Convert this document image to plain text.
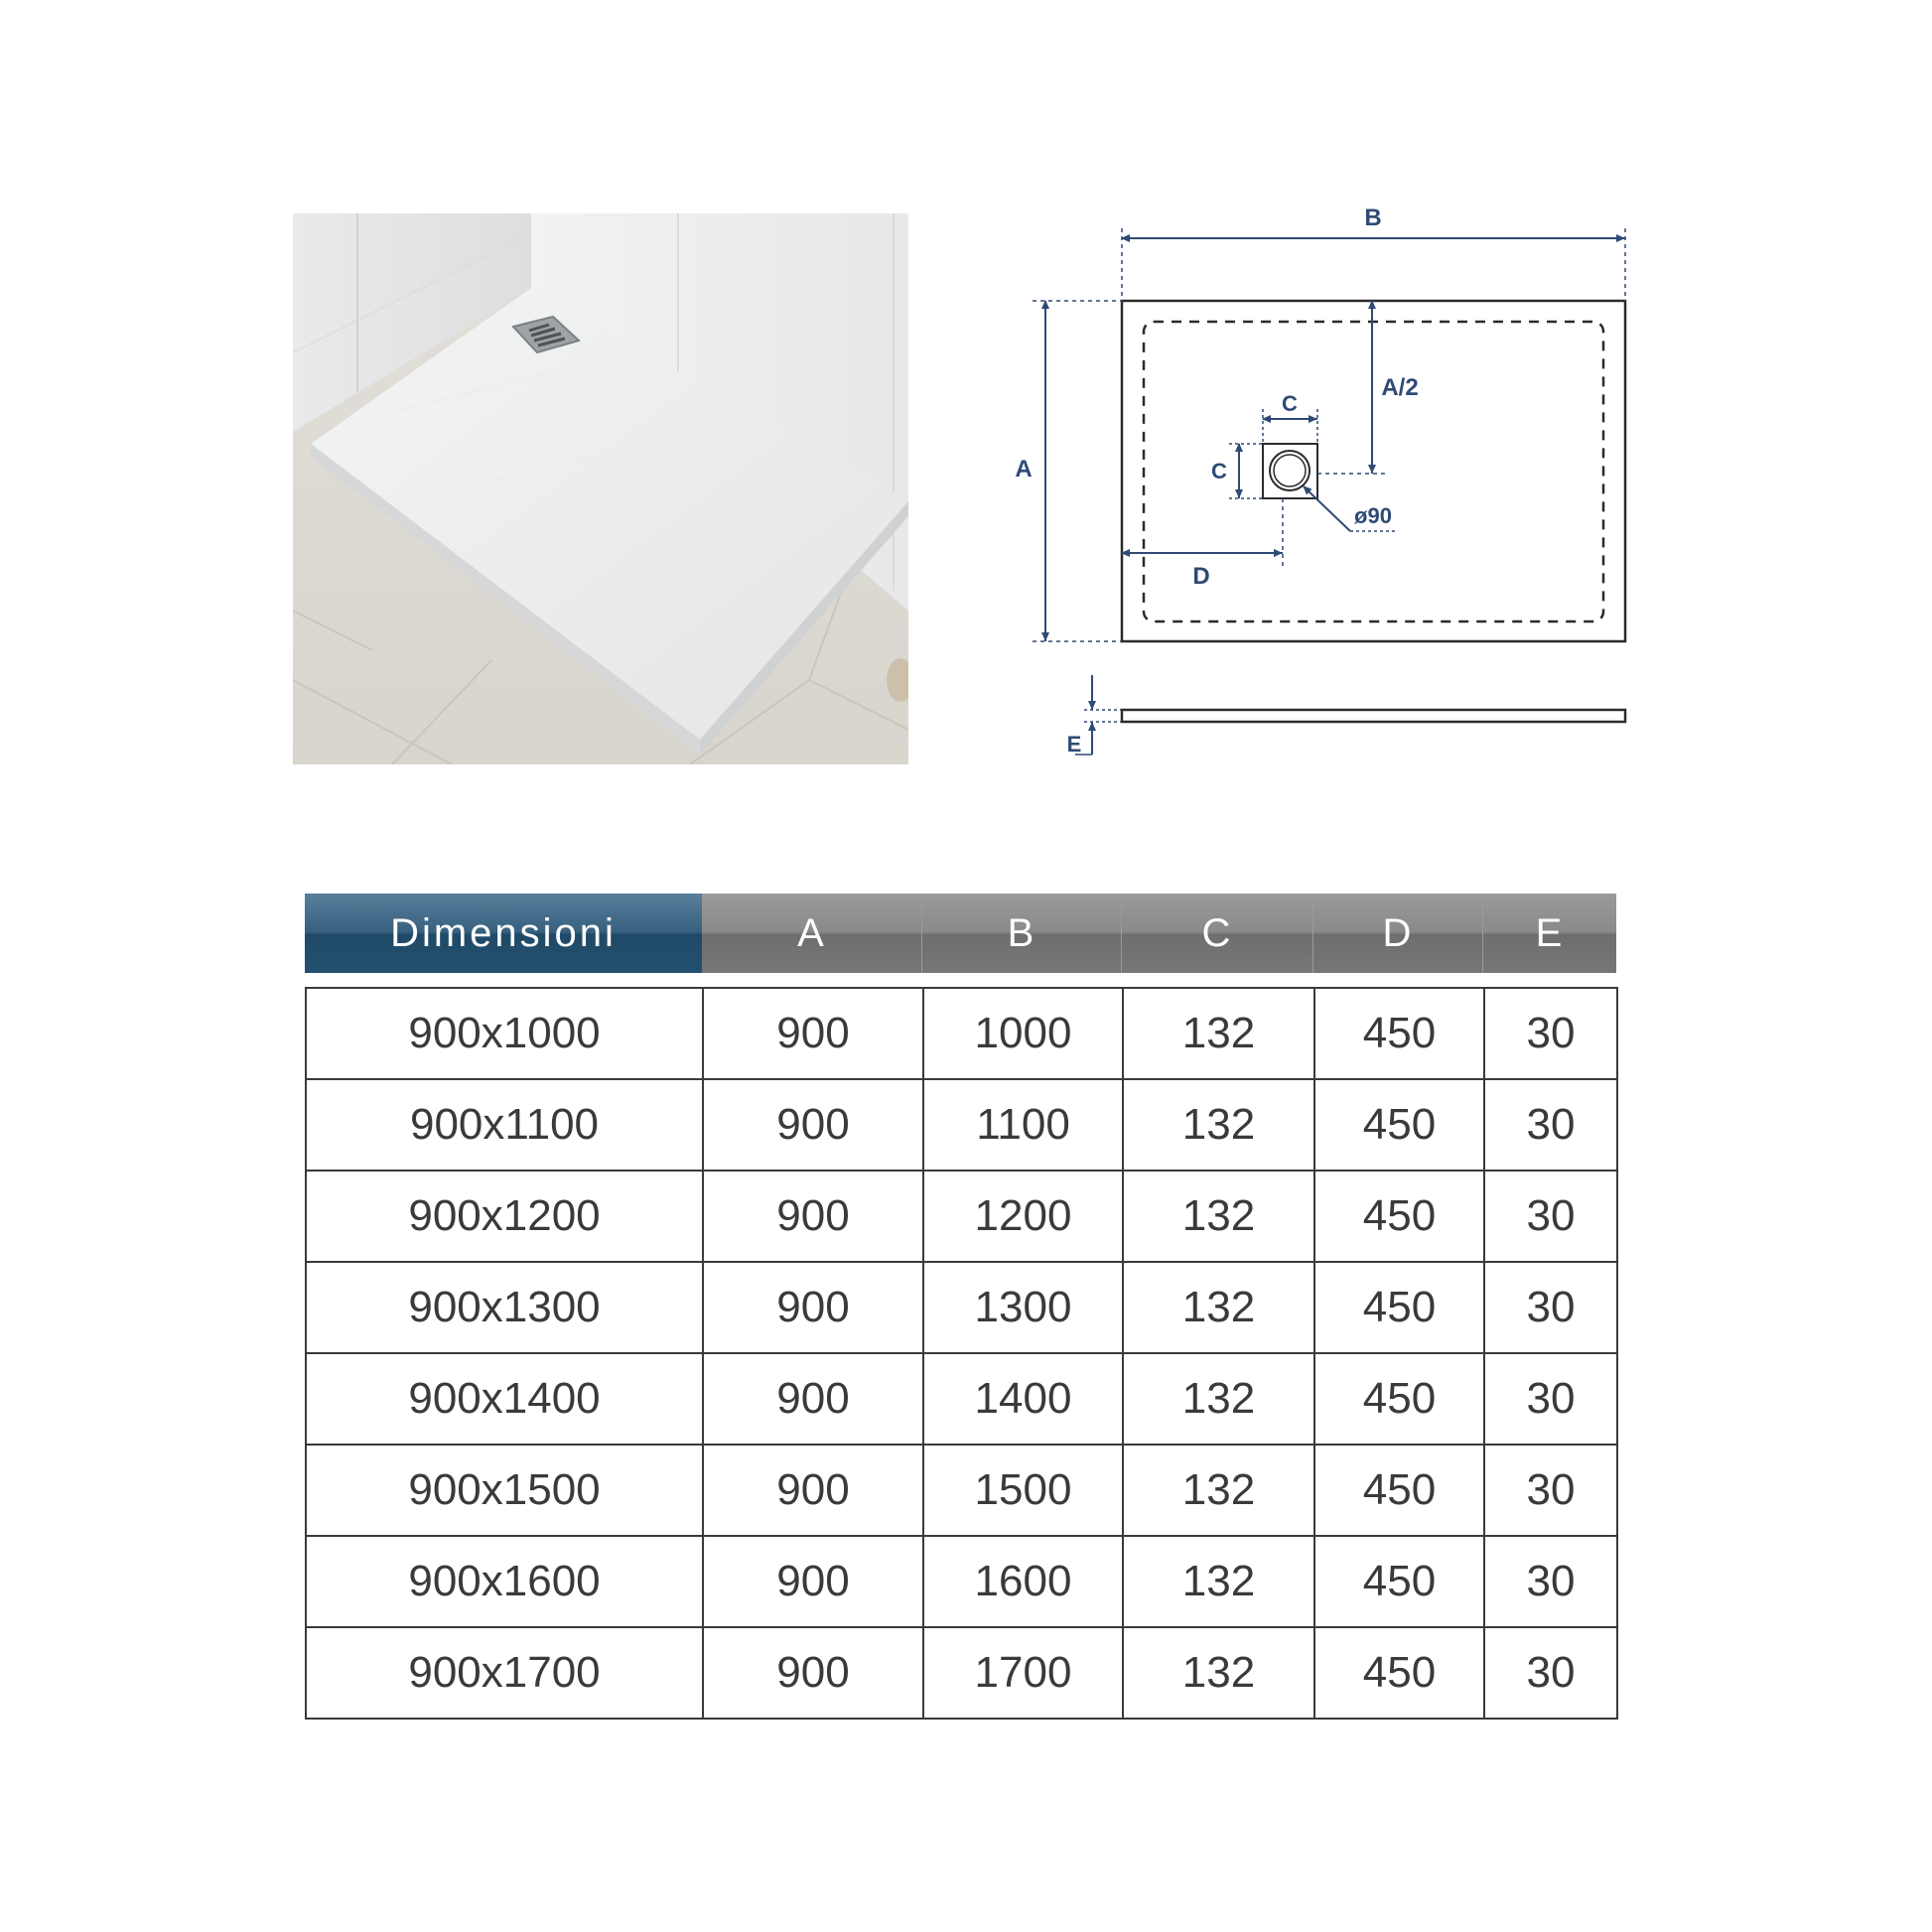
B
A
A/2
C
C
D
ø90
E
Dimensioni	A	B	C	D	E
900x1000	900	1000	132	450	30
900x1100	900	1100	132	450	30
900x1200	900	1200	132	450	30
900x1300	900	1300	132	450	30
900x1400	900	1400	132	450	30
900x1500	900	1500	132	450	30
900x1600	900	1600	132	450	30
900x1700	900	1700	132	450	30
